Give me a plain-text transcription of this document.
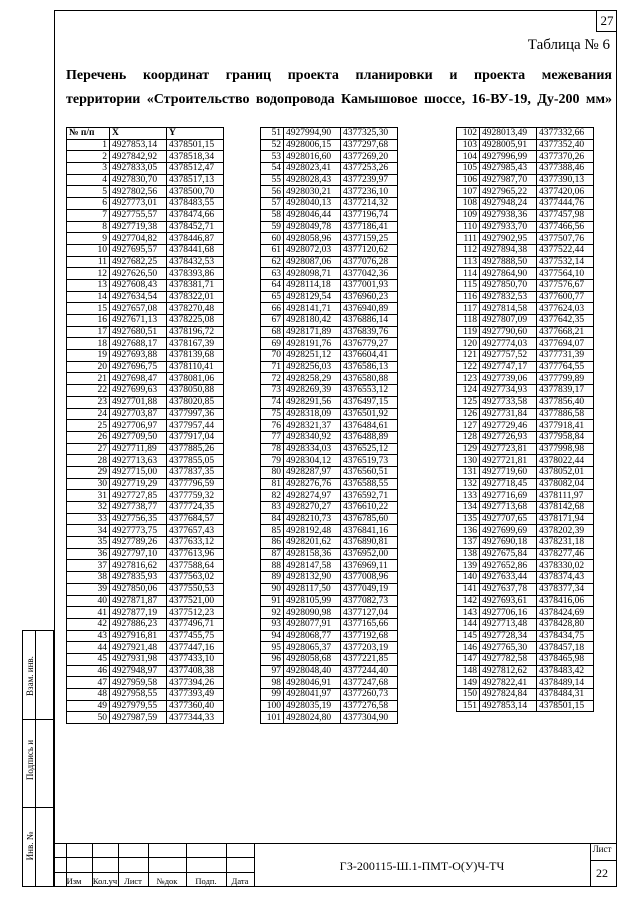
27
Таблица № 6
Перечень координат границ проекта планировки и проекта межевания
территории «Строительство водопровода Камышовое шоссе, 16-ВУ-19, Ду-200 мм»
№ п/п	X	Y
1	4927853,14	4378501,15
2	4927842,92	4378518,34
3	4927833,05	4378512,47
4	4927830,70	4378517,13
5	4927802,56	4378500,70
6	4927773,01	4378483,55
7	4927755,57	4378474,66
8	4927719,38	4378452,71
9	4927704,82	4378446,87
10	4927695,57	4378441,68
11	4927682,25	4378432,53
12	4927626,50	4378393,86
13	4927608,43	4378381,71
14	4927634,54	4378322,01
15	4927657,08	4378270,48
16	4927671,13	4378225,08
17	4927680,51	4378196,72
18	4927688,17	4378167,39
19	4927693,88	4378139,68
20	4927696,75	4378110,41
21	4927698,47	4378081,06
22	4927699,63	4378050,88
23	4927701,88	4378020,85
24	4927703,87	4377997,36
25	4927706,97	4377957,44
26	4927709,50	4377917,04
27	4927711,89	4377885,26
28	4927713,63	4377855,05
29	4927715,00	4377837,35
30	4927719,29	4377796,59
31	4927727,85	4377759,32
32	4927738,77	4377724,35
33	4927756,35	4377684,57
34	4927773,75	4377657,43
35	4927789,26	4377633,12
36	4927797,10	4377613,96
37	4927816,62	4377588,64
38	4927835,93	4377563,02
39	4927850,06	4377550,53
40	4927871,87	4377521,00
41	4927877,19	4377512,23
42	4927886,23	4377496,71
43	4927916,81	4377455,75
44	4927921,48	4377447,16
45	4927931,98	4377433,10
46	4927948,97	4377408,38
47	4927959,58	4377394,26
48	4927958,55	4377393,49
49	4927979,55	4377360,40
50	4927987,59	4377344,33
51	4927994,90	4377325,30
52	4928006,15	4377297,68
53	4928016,60	4377269,20
54	4928023,41	4377253,26
55	4928028,43	4377239,97
56	4928030,21	4377236,10
57	4928040,13	4377214,32
58	4928046,44	4377196,74
59	4928049,78	4377186,41
60	4928058,96	4377159,25
61	4928072,03	4377120,62
62	4928087,06	4377076,28
63	4928098,71	4377042,36
64	4928114,18	4377001,93
65	4928129,54	4376960,23
66	4928141,71	4376940,89
67	4928180,42	4376886,14
68	4928171,89	4376839,76
69	4928191,76	4376779,27
70	4928251,12	4376604,41
71	4928256,03	4376586,13
72	4928258,29	4376580,88
73	4928269,39	4376553,12
74	4928291,56	4376497,15
75	4928318,09	4376501,92
76	4928321,37	4376484,61
77	4928340,92	4376488,89
78	4928334,03	4376525,12
79	4928304,12	4376519,73
80	4928287,97	4376560,51
81	4928276,76	4376588,55
82	4928274,97	4376592,71
83	4928270,27	4376610,22
84	4928210,73	4376785,60
85	4928192,48	4376841,16
86	4928201,62	4376890,81
87	4928158,36	4376952,00
88	4928147,58	4376969,11
89	4928132,90	4377008,96
90	4928117,50	4377049,19
91	4928105,99	4377082,73
92	4928090,98	4377127,04
93	4928077,91	4377165,66
94	4928068,77	4377192,68
95	4928065,37	4377203,19
96	4928058,68	4377221,85
97	4928048,40	4377244,40
98	4928046,91	4377247,68
99	4928041,97	4377260,73
100	4928035,19	4377276,58
101	4928024,80	4377304,90
102	4928013,49	4377332,66
103	4928005,91	4377352,40
104	4927996,99	4377370,26
105	4927985,43	4377388,46
106	4927987,70	4377390,13
107	4927965,22	4377420,06
108	4927948,24	4377444,76
109	4927938,36	4377457,98
110	4927933,70	4377466,56
111	4927902,95	4377507,76
112	4927894,38	4377522,44
113	4927888,50	4377532,14
114	4927864,90	4377564,10
115	4927850,70	4377576,67
116	4927832,53	4377600,77
117	4927814,58	4377624,03
118	4927807,09	4377642,35
119	4927790,60	4377668,21
120	4927774,03	4377694,07
121	4927757,52	4377731,39
122	4927747,17	4377764,55
123	4927739,06	4377799,89
124	4927734,93	4377839,17
125	4927733,58	4377856,40
126	4927731,84	4377886,58
127	4927729,46	4377918,41
128	4927726,93	4377958,84
129	4927723,81	4377998,98
130	4927721,81	4378022,44
131	4927719,60	4378052,01
132	4927718,45	4378082,04
133	4927716,69	4378111,97
134	4927713,68	4378142,68
135	4927707,65	4378171,94
136	4927699,69	4378202,39
137	4927690,18	4378231,18
138	4927675,84	4378277,46
139	4927652,86	4378330,02
140	4927633,44	4378374,43
141	4927637,78	4378377,34
142	4927693,61	4378416,06
143	4927706,16	4378424,69
144	4927713,48	4378428,80
145	4927728,34	4378434,75
146	4927765,30	4378457,18
147	4927782,58	4378465,98
148	4927812,62	4378483,42
149	4927822,41	4378489,14
150	4927824,84	4378484,31
151	4927853,14	4378501,15
Взам. инв.
Подпись и
Инв. №
Изм	Кол.уч Лист	№док	Подп.	Дата
ГЗ-200115-Ш.1-ПМТ-О(У)Ч-ТЧ
Лист
22
